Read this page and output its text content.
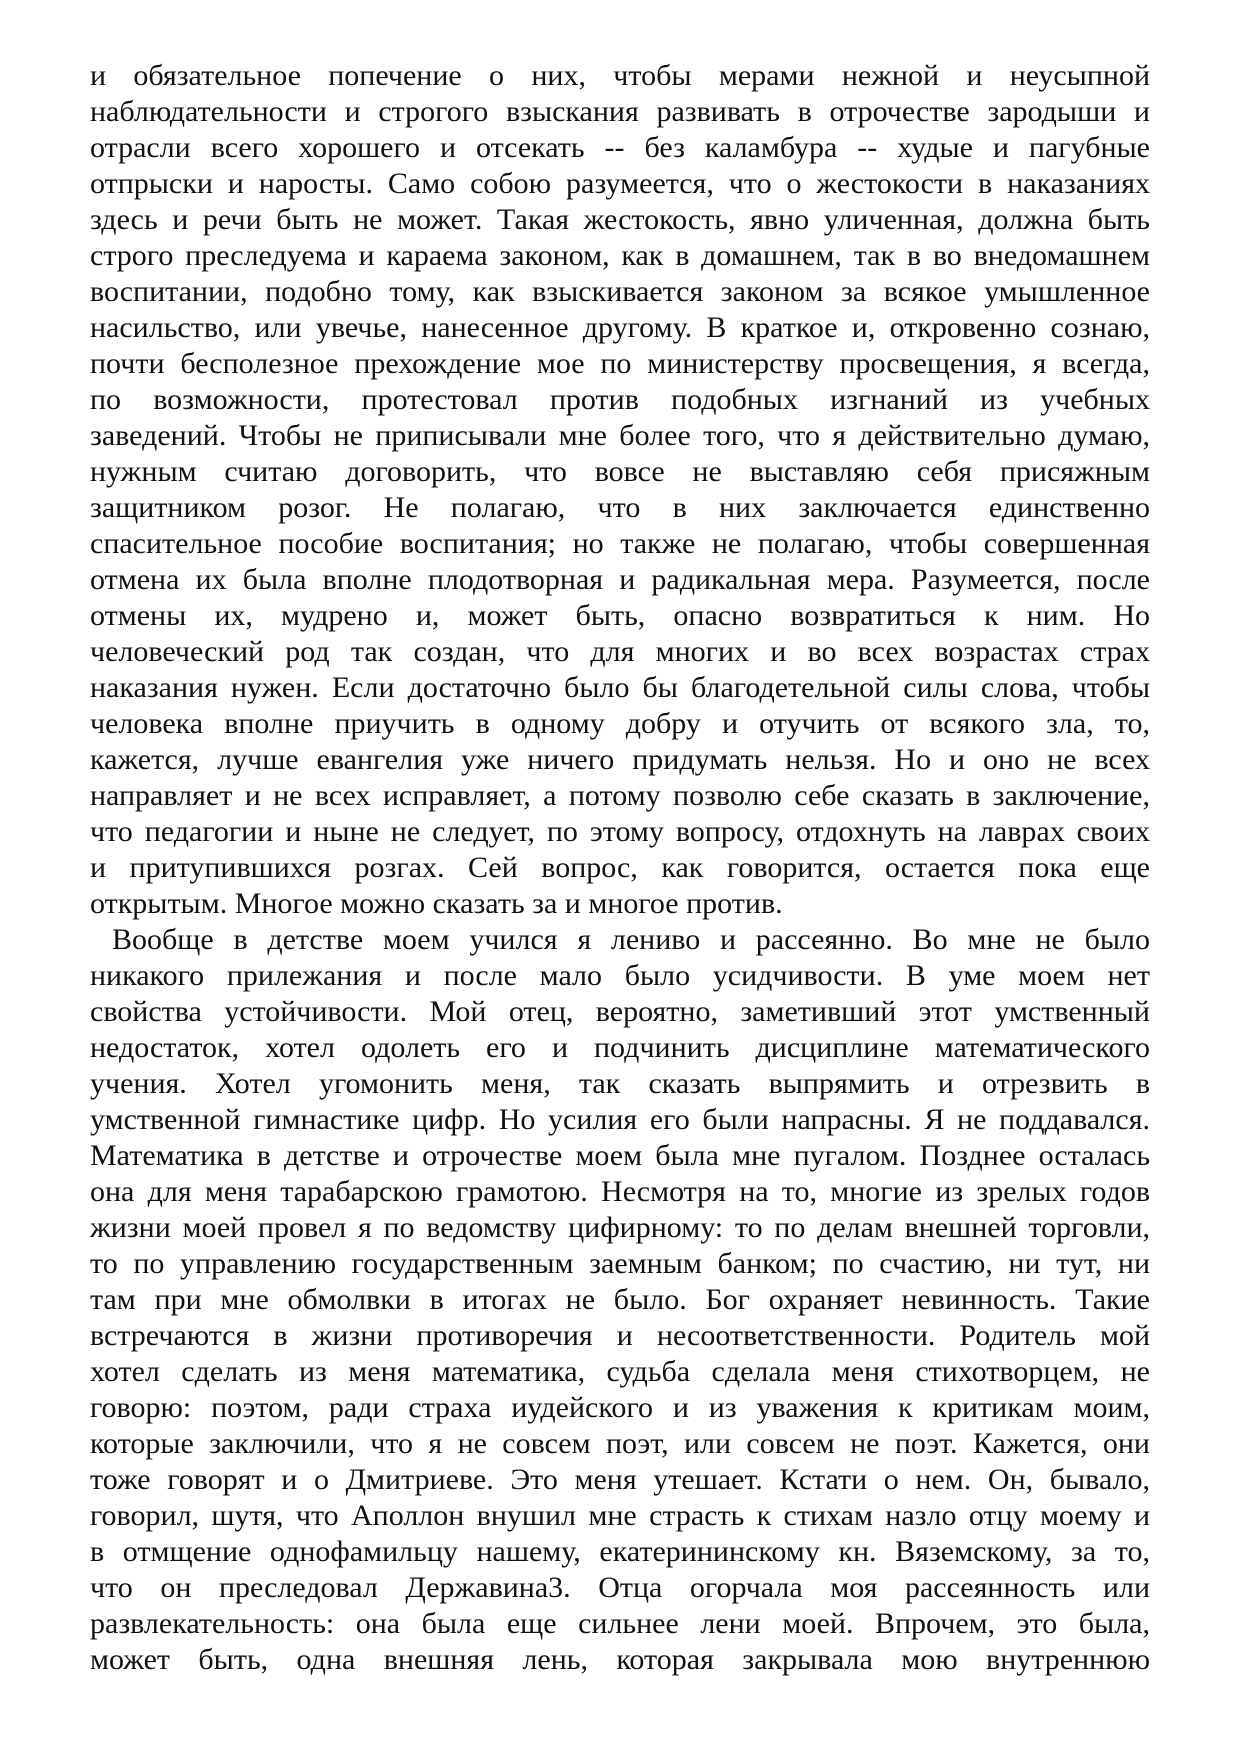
и обязательное попечение о них, чтобы мерами нежной и неусыпной
наблюдательности и строгого взыскания развивать в отрочестве зародыши и
отрасли всего хорошего и отсекать -- без каламбура -- худые и пагубные
отпрыски и наросты. Само собою разумеется, что о жестокости в наказаниях
здесь и речи быть не может. Такая жестокость, явно уличенная, должна быть
строго преследуема и караема законом, как в домашнем, так в во внедомашнем
воспитании, подобно тому, как взыскивается законом за всякое умышленное
насильство, или увечье, нанесенное другому. В краткое и, откровенно сознаю,
почти бесполезное прехождение мое по министерству просвещения, я всегда,
по возможности, протестовал против подобных изгнаний из учебных
заведений. Чтобы не приписывали мне более того, что я действительно думаю,
нужным считаю договорить, что вовсе не выставляю себя присяжным
защитником розог. Не полагаю, что в них заключается единственно
спасительное пособие воспитания; но также не полагаю, чтобы совершенная
отмена их была вполне плодотворная и радикальная мера. Разумеется, после
отмены их, мудрено и, может быть, опасно возвратиться к ним. Но
человеческий род так создан, что для многих и во всех возрастах страх
наказания нужен. Если достаточно было бы благодетельной силы слова, чтобы
человека вполне приучить в одному добру и отучить от всякого зла, то,
кажется, лучше евангелия уже ничего придумать нельзя. Но и оно не всех
направляет и не всех исправляет, а потому позволю себе сказать в заключение,
что педагогии и ныне не следует, по этому вопросу, отдохнуть на лаврах своих
и притупившихся розгах. Сей вопрос, как говорится, остается пока еще
открытым. Многое можно сказать за и многое против.
Вообще в детстве моем учился я лениво и рассеянно. Во мне не было
никакого прилежания и после мало было усидчивости. В уме моем нет
свойства устойчивости. Мой отец, вероятно, заметивший этот умственный
недостаток, хотел одолеть его и подчинить дисциплине математического
учения. Хотел угомонить меня, так сказать выпрямить и отрезвить в
умственной гимнастике цифр. Но усилия его были напрасны. Я не поддавался.
Математика в детстве и отрочестве моем была мне пугалом. Позднее осталась
она для меня тарабарскою грамотою. Несмотря на то, многие из зрелых годов
жизни моей провел я по ведомству цифирному: то по делам внешней торговли,
то по управлению государственным заемным банком; по счастию, ни тут, ни
там при мне обмолвки в итогах не было. Бог охраняет невинность. Такие
встречаются в жизни противоречия и несоответственности. Родитель мой
хотел сделать из меня математика, судьба сделала меня стихотворцем, не
говорю: поэтом, ради страха иудейского и из уважения к критикам моим,
которые заключили, что я не совсем поэт, или совсем не поэт. Кажется, они
тоже говорят и о Дмитриеве. Это меня утешает. Кстати о нем. Он, бывало,
говорил, шутя, что Аполлон внушил мне страсть к стихам назло отцу моему и
в отмщение однофамильцу нашему, екатерининскому кн. Вяземскому, за то,
что он преследовал Державина3. Отца огорчала моя рассеянность или
развлекательность: она была еще сильнее лени моей. Впрочем, это была,
может быть, одна внешняя лень, которая закрывала мою внутреннюю
